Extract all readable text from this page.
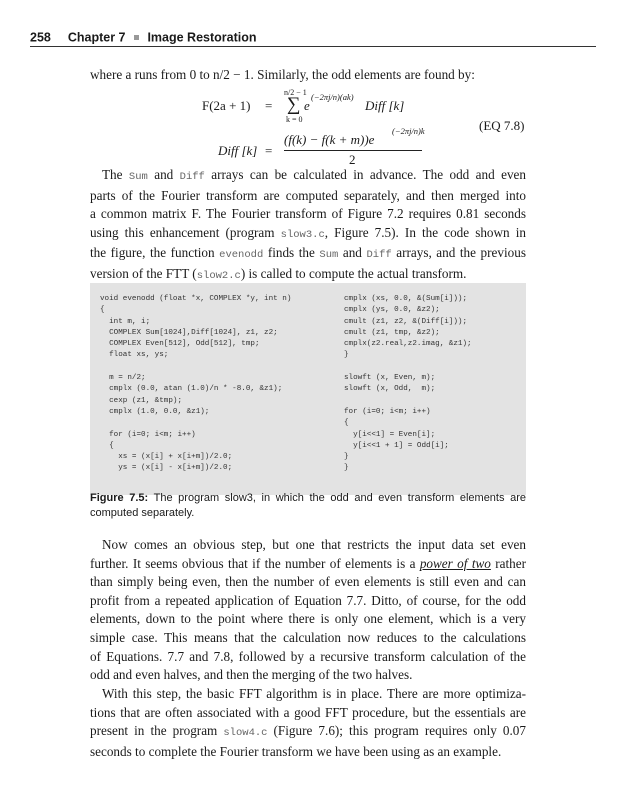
258 Chapter 7 Image Restoration
where a runs from 0 to n/2 − 1. Similarly, the odd elements are found by:
F(2a + 1) =
n/2 − 1
∑
k = 0
e
(−2πj/n)(ak)
Diff [k]
(EQ 7.8)
Diff [k] =
(f(k) − f(k + m))e
(−2πj/n)k
2
The Sum and Diff arrays can be calculated in advance. The odd and even
parts of the Fourier transform are computed separately, and then merged into
a common matrix F. The Fourier transform of Figure 7.2 requires 0.81 seconds
using this enhancement (program slow3.c, Figure 7.5). In the code shown in
the figure, the function evenodd finds the Sum and Diff arrays, and the previous
version of the FTT (slow2.c) is called to compute the actual transform.
void evenodd (float *x, COMPLEX *y, int n)
{
int m, i;
COMPLEX Sum[1024],Diff[1024], z1, z2;
COMPLEX Even[512], Odd[512], tmp;
float xs, ys;

m = n/2;
cmplx (0.0, atan (1.0)/n * -8.0, &z1);
cexp (z1, &tmp);
cmplx (1.0, 0.0, &z1);

for (i=0; i<m; i++)
{
xs = (x[i] + x[i+m])/2.0;
ys = (x[i] - x[i+m])/2.0;

cmplx (xs, 0.0, &(Sum[i]));
cmplx (ys, 0.0, &z2);
cmult (z1, z2, &(Diff[i]));
cmult (z1, tmp, &z2);
cmplx(z2.real,z2.imag, &z1);
}

slowft (x, Even, m);
slowft (x, Odd,  m);

for (i=0; i<m; i++)
{
y[i<<1] = Even[i];
y[i<<1 + 1] = Odd[i];
}

}
Figure 7.5: The program slow3, in which the odd and even transform elements are computed separately.
Now comes an obvious step, but one that restricts the input data set even
further. It seems obvious that if the number of elements is a power of two rather
than simply being even, then the number of even elements is still even and can
profit from a repeated application of Equation 7.7. Ditto, of course, for the odd
elements, down to the point where there is only one element, which is a very
simple case. This means that the calculation now reduces to the calculations
of Equations. 7.7 and 7.8, followed by a recursive transform calculation of the
odd and even halves, and then the merging of the two halves.
With this step, the basic FFT algorithm is in place. There are more optimiza-
tions that are often associated with a good FFT procedure, but the essentials are
present in the program slow4.c (Figure 7.6); this program requires only 0.07
seconds to complete the Fourier transform we have been using as an example.
